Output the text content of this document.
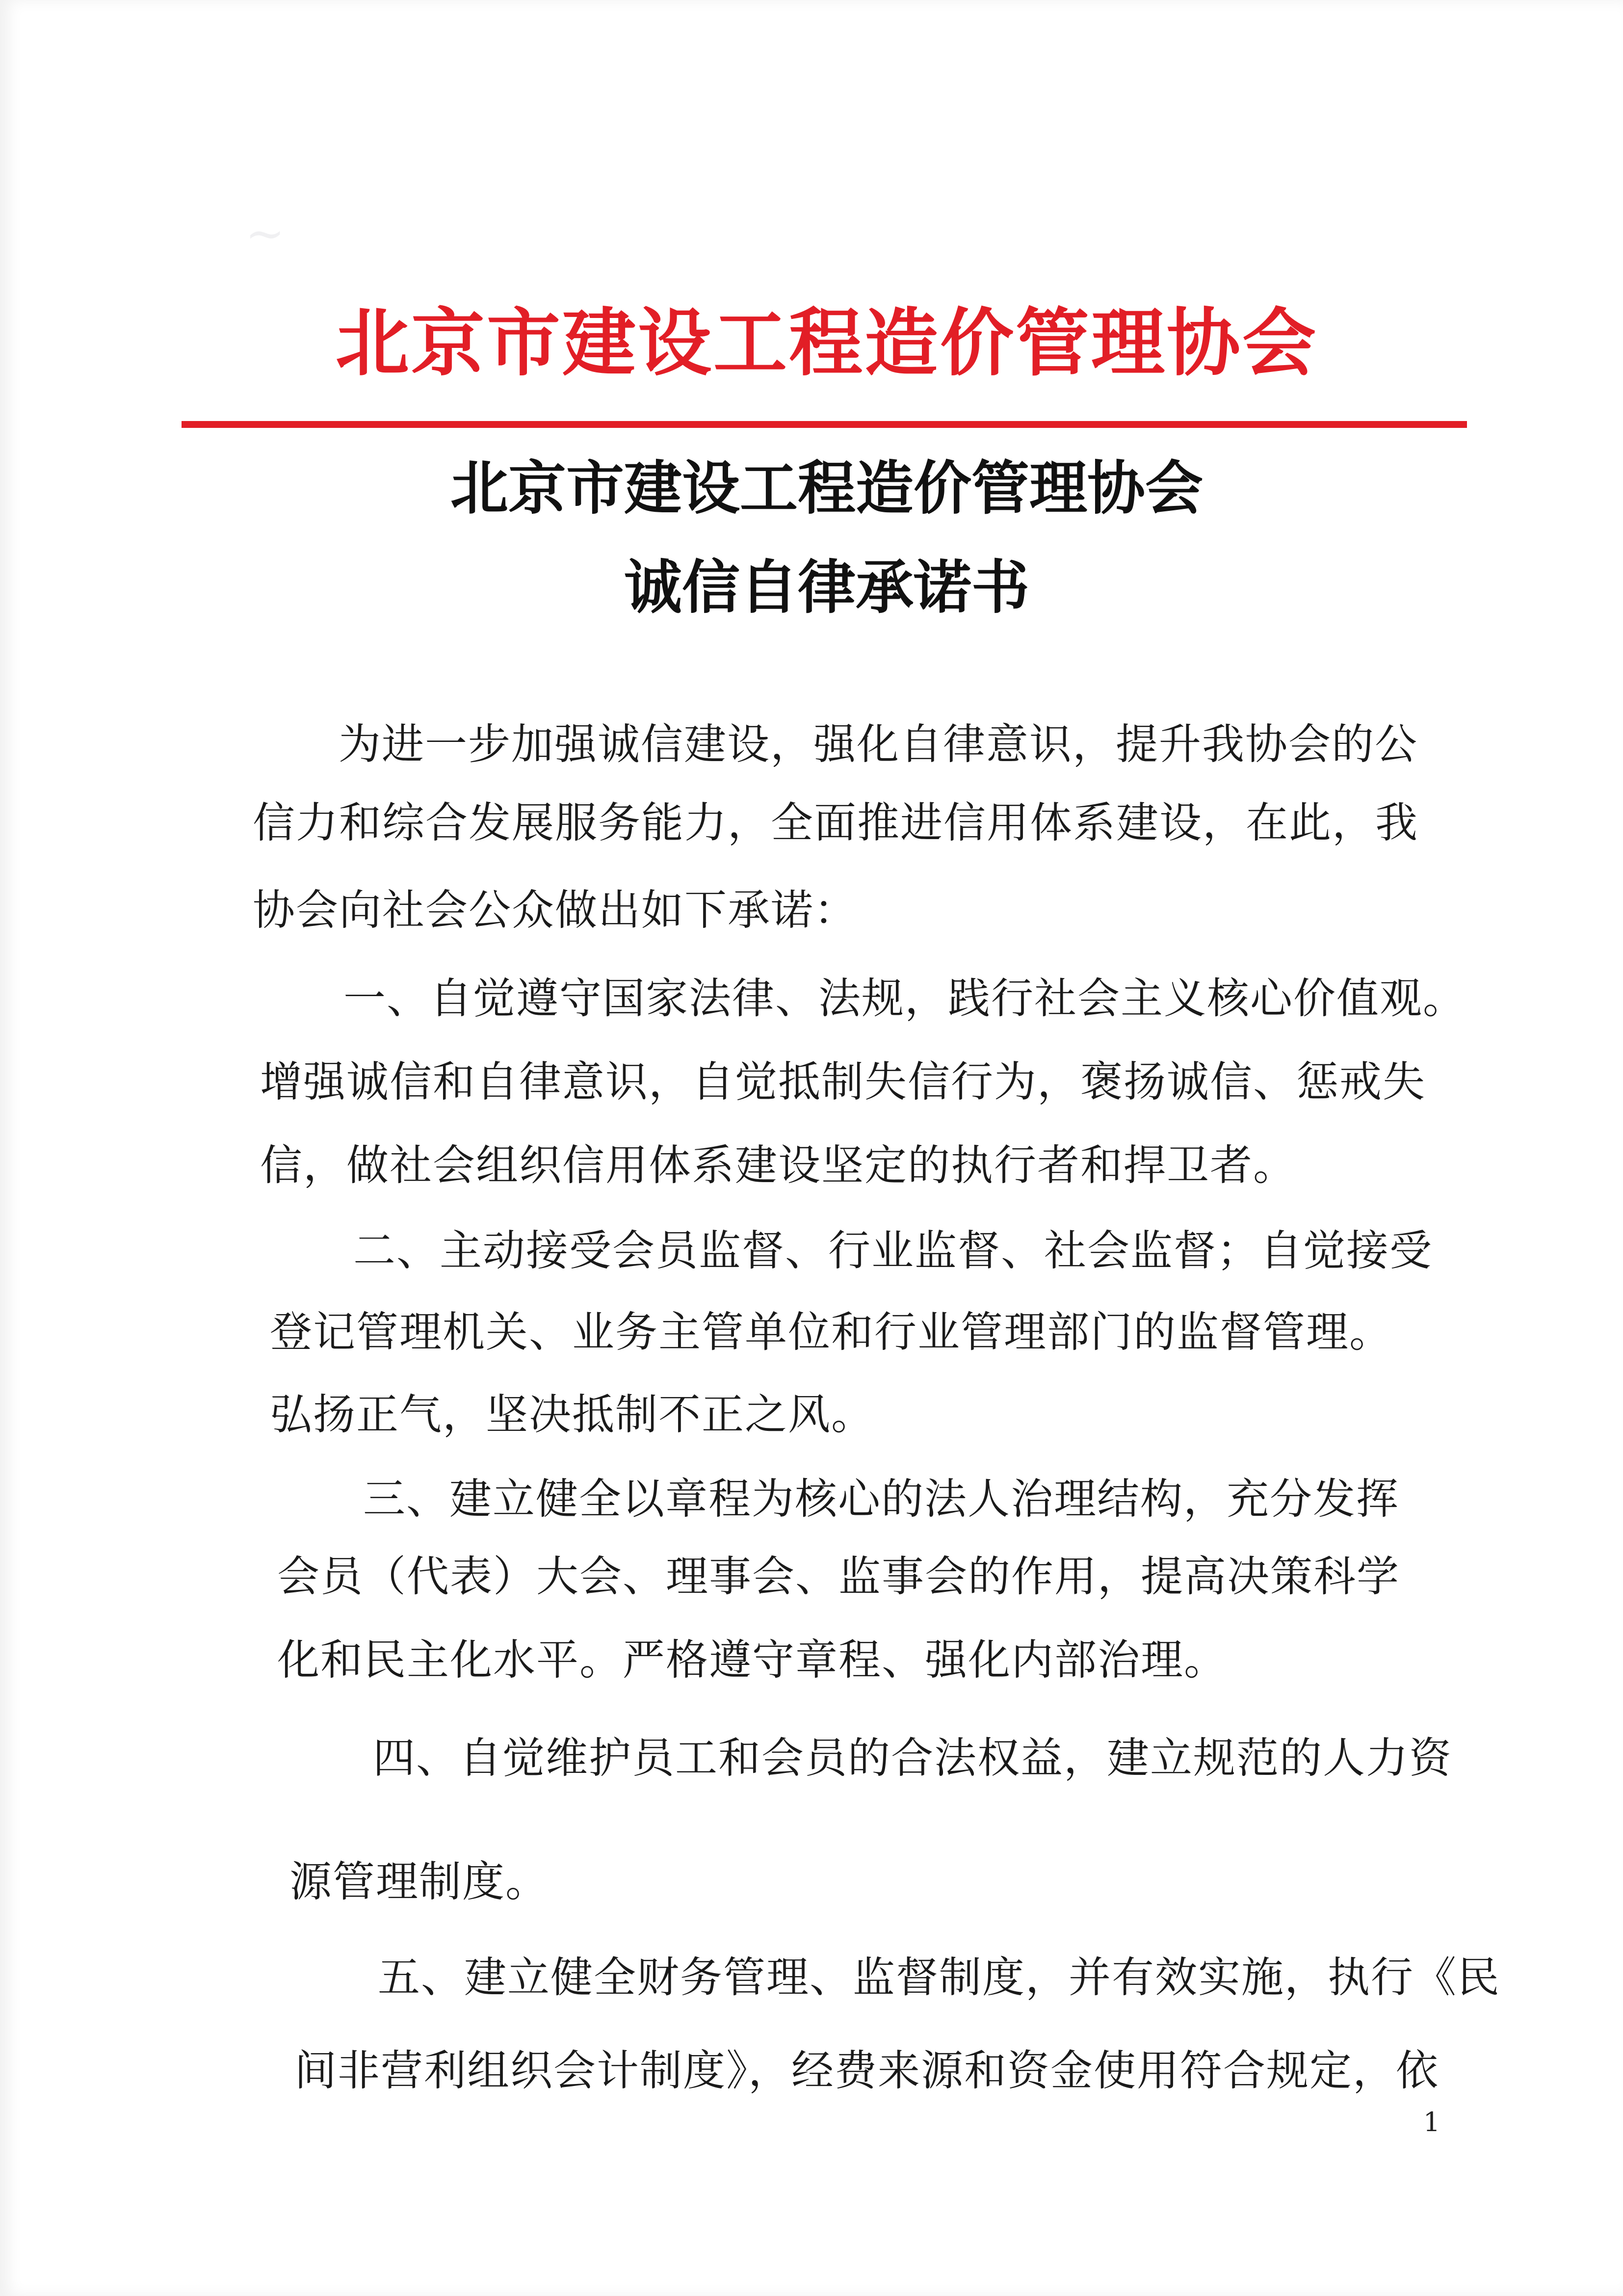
~
北京市建设工程造价管理协会
北京市建设工程造价管理协会
诚信自律承诺书
为进一步加强诚信建设，强化自律意识，提升我协会的公
信力和综合发展服务能力，全面推进信用体系建设，在此，我
协会向社会公众做出如下承诺：
一、自觉遵守国家法律、法规，践行社会主义核心价值观。
增强诚信和自律意识，自觉抵制失信行为，褒扬诚信、惩戒失
信，做社会组织信用体系建设坚定的执行者和捍卫者。
二、主动接受会员监督、行业监督、社会监督；自觉接受
登记管理机关、业务主管单位和行业管理部门的监督管理。
弘扬正气，坚决抵制不正之风。
三、建立健全以章程为核心的法人治理结构，充分发挥
会员（代表）大会、理事会、监事会的作用，提高决策科学
化和民主化水平。严格遵守章程、强化内部治理。
四、自觉维护员工和会员的合法权益，建立规范的人力资
源管理制度。
五、建立健全财务管理、监督制度，并有效实施，执行《民
间非营利组织会计制度》，经费来源和资金使用符合规定，依
1
